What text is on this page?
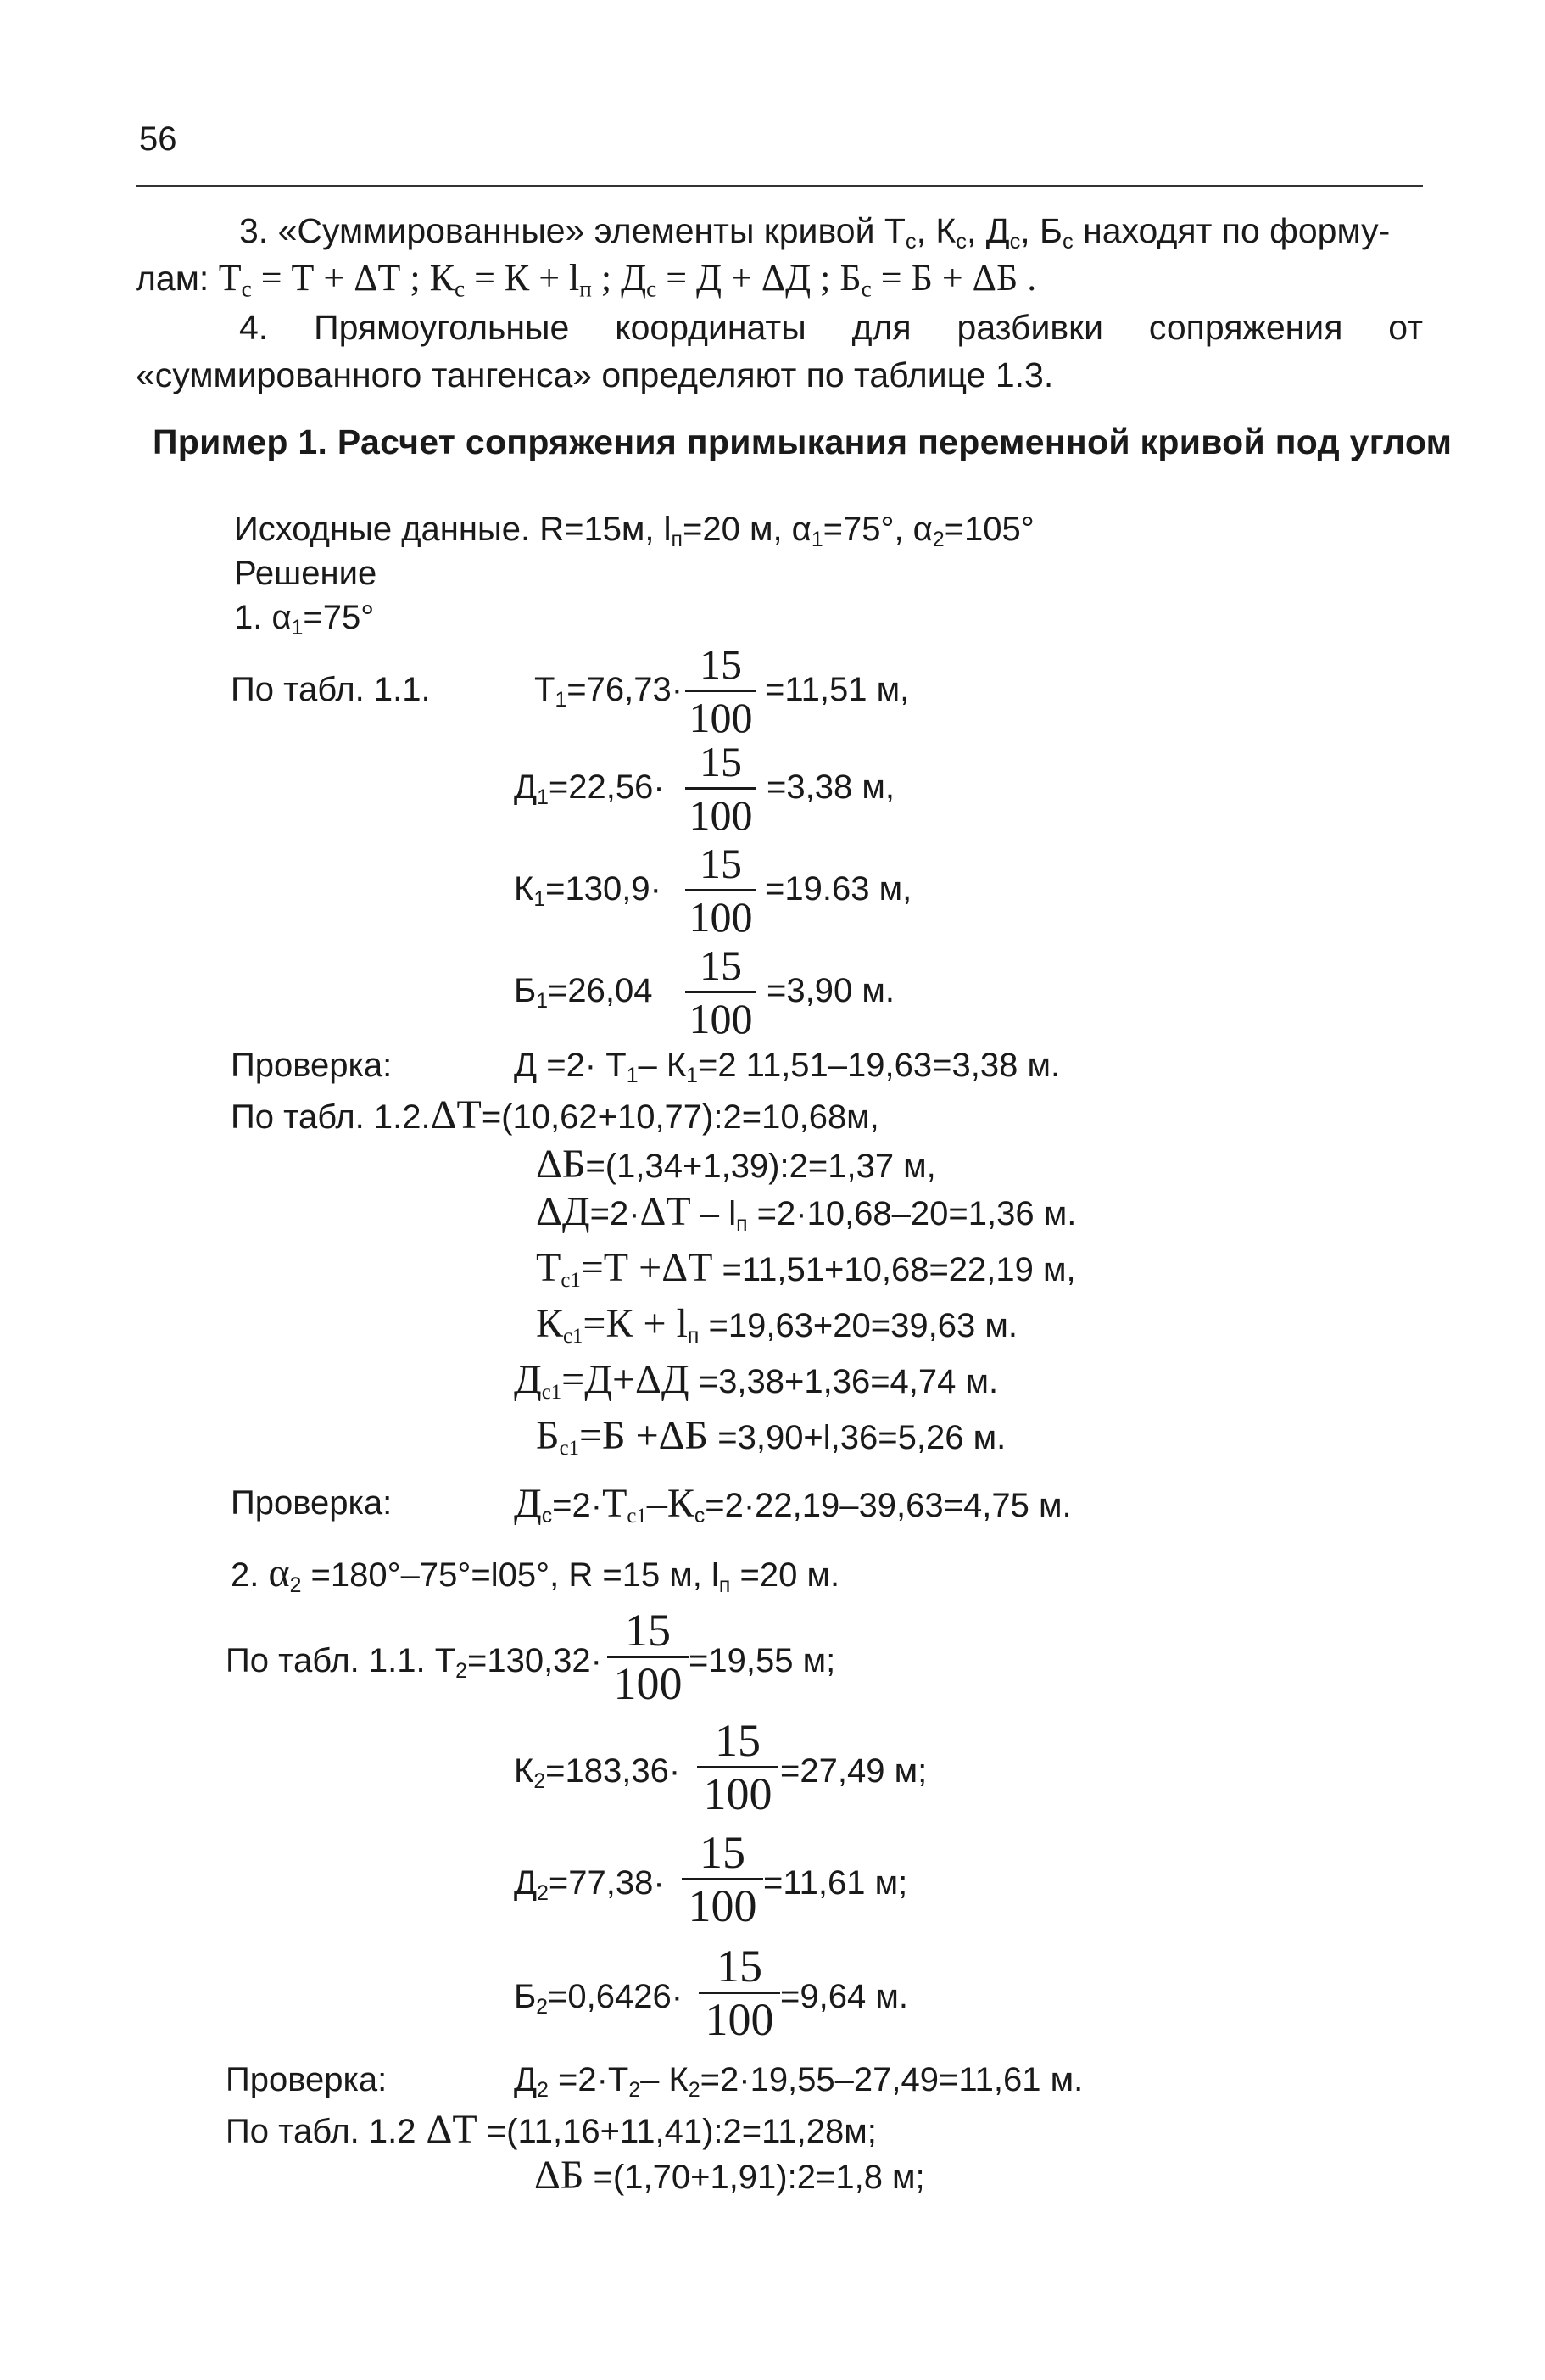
56
3. «Суммированные» элементы кривой $Т_с$, $К_с$, $Д_с$, $Б_с$ находят по форму-
лам: $Т_с = Т + \Delta Т$ ; $К_с = К + l_п$ ; $Д_с = Д + \Delta Д$ ; $Б_с = Б + \Delta Б$ .
4. Прямоугольные координаты для разбивки сопряжения от «суммированного тангенса» определяют по таблице 1.3.
Пример 1. Расчет сопряжения примыкания переменной кривой под углом
Исходные данные. R=15м, $l_п=20$ м, $\alpha_1=75^\circ$, $\alpha_2=105^\circ$
Решение
1. $\alpha_1=75^\circ$
По табл. 1.1.	$Т_1=76,73\cdot$
15
100
=11,51 м,
$Д_1=22,56\cdot$
15
100
=3,38 м,
$К_1=130,9\cdot$
15
100
=19.63 м,
$Б_1=26,04$
15
100
=3,90 м.
Проверка:	$Д =2\cdot Т_1-$ $К_1=2$ 11,51–19,63=3,38 м.
По табл. 1.2.ΔТ=(10,62+10,77):2=10,68м,
ΔБ=(1,34+1,39):2=1,37 м,
$\Delta Д=2\cdot\Delta Т - l_п =2\cdot 10,68-20=1,36$ м.
$Т_{c1}=Т +\Delta Т =11,51+10,68=22,19$ м,
$К_{c1}=К + l_п =19,63+20=39,63$ м.
$Д_{c1}=Д+\Delta Д =3,38+1,36=4,74$ м.
$Б_{c1}=Б +\Delta Б =3,90+l,36=5,26$ м.
Проверка:	$Д_c=2\cdot Т_{c1}-К_c=2\cdot 22,19-39,63=4,75$ м.
2. $\alpha_2 =180^\circ-75^\circ=l05^\circ$, R =15 м, $l_п =20$ м.
По табл. 1.1. $Т_2=130,32\cdot$
15
100 =19,55 м;
$К_2=183,36\cdot$
15
100 =27,49 м;
$Д_2=77,38\cdot$
15
100 =11,61 м;
$Б_2=0,6426\cdot$
15
100 =9,64 м.
Проверка:	$Д_2 =2\cdot Т_2-$ $К_2=2\cdot 19,55-27,49=11,61$ м.
По табл. 1.2 ΔТ =(11,16+11,41):2=11,28м;
ΔБ =(1,70+1,91):2=1,8 м;
